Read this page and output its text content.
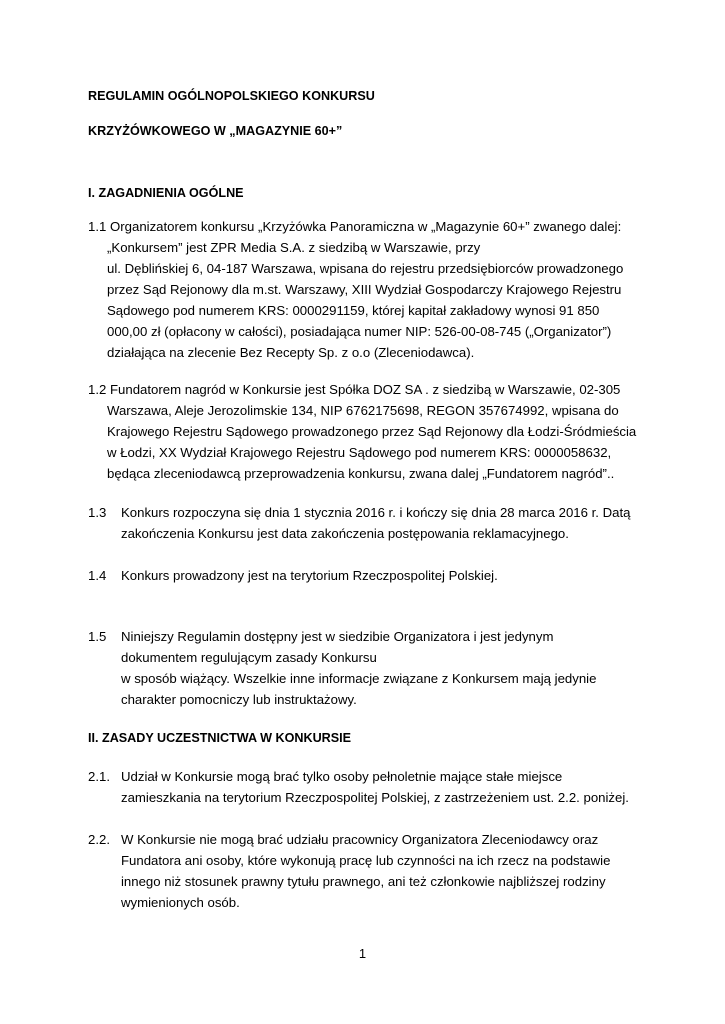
REGULAMIN OGÓLNOPOLSKIEGO KONKURSU

KRZYŻÓWKOWEGO W „MAGAZYNIE 60+”

I. ZAGADNIENIA OGÓLNE

1.1 Organizatorem konkursu „Krzyżówka Panoramiczna w „Magazynie 60+” zwanego dalej:
„Konkursem” jest ZPR Media S.A. z siedzibą w Warszawie, przy
ul. Dęblińskiej 6, 04-187 Warszawa, wpisana do rejestru przedsiębiorców prowadzonego
przez Sąd Rejonowy dla m.st. Warszawy, XIII Wydział Gospodarczy Krajowego Rejestru
Sądowego pod numerem KRS: 0000291159, której kapitał zakładowy wynosi 91 850
000,00 zł (opłacony w całości), posiadająca numer NIP: 526-00-08-745 („Organizator”)
działająca na zlecenie Bez Recepty Sp. z o.o (Zleceniodawca).
1.2 Fundatorem nagród w Konkursie jest Spółka DOZ SA . z siedzibą w Warszawie, 02-305
Warszawa, Aleje Jerozolimskie 134, NIP 6762175698, REGON 357674992, wpisana do
Krajowego Rejestru Sądowego prowadzonego przez Sąd Rejonowy dla Łodzi-Śródmieścia
w Łodzi, XX Wydział Krajowego Rejestru Sądowego pod numerem KRS: 0000058632,
będąca zleceniodawcą przeprowadzenia konkursu, zwana dalej „Fundatorem nagród”..
1.3 Konkurs rozpoczyna się dnia 1 stycznia 2016 r. i kończy się dnia 28 marca 2016 r. Datą
zakończenia Konkursu jest data zakończenia postępowania reklamacyjnego.
1.4 Konkurs prowadzony jest na terytorium Rzeczpospolitej Polskiej.
1.5 Niniejszy Regulamin dostępny jest w siedzibie Organizatora i jest jedynym
dokumentem regulującym zasady Konkursu
w sposób wiążący. Wszelkie inne informacje związane z Konkursem mają jedynie
charakter pomocniczy lub instruktażowy.

II. ZASADY UCZESTNICTWA W KONKURSIE

2.1. Udział w Konkursie mogą brać tylko osoby pełnoletnie mające stałe miejsce
zamieszkania na terytorium Rzeczpospolitej Polskiej, z zastrzeżeniem ust. 2.2. poniżej.
2.2. W Konkursie nie mogą brać udziału pracownicy Organizatora Zleceniodawcy oraz
Fundatora ani osoby, które wykonują pracę lub czynności na ich rzecz na podstawie
innego niż stosunek prawny tytułu prawnego, ani też członkowie najbliższej rodziny
wymienionych osób.
1
